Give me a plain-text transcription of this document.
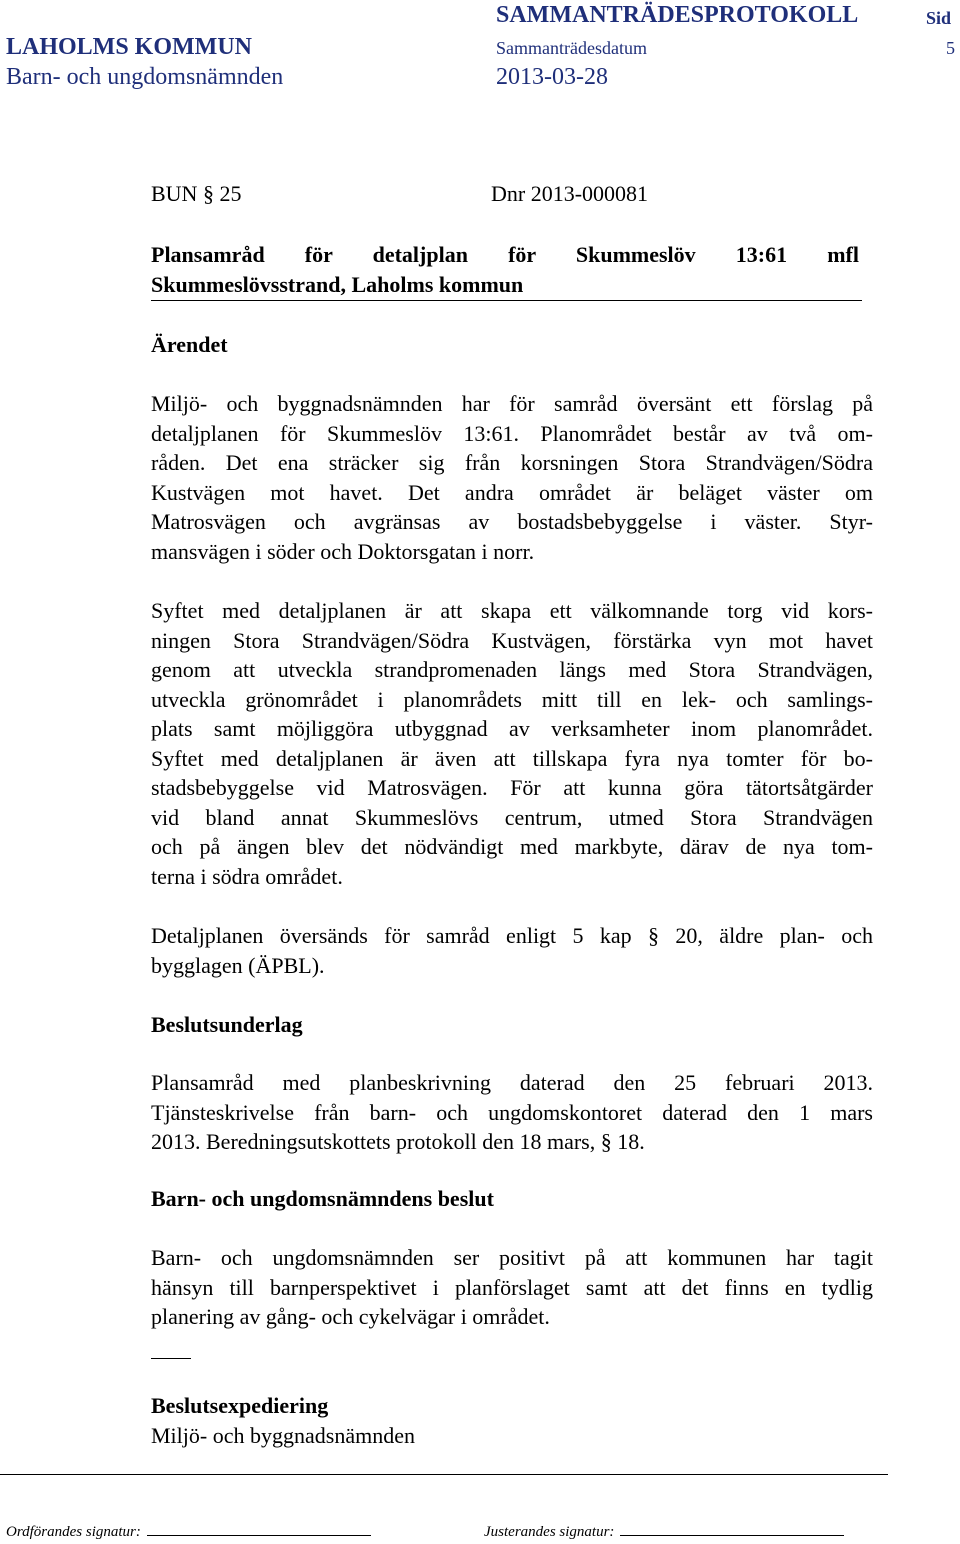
SAMMANTRÄDESPROTOKOLL	Sid
LAHOLMS KOMMUN	Sammanträdesdatum	5
Barn- och ungdomsnämnden	2013-03-28
BUN § 25	Dnr 2013-000081
Plansamråd för detaljplan för Skummeslöv 13:61 mfl
Skummeslövsstrand, Laholms kommun
Ärendet
Miljö- och byggnadsnämnden har för samråd översänt ett förslag på
detaljplanen för Skummeslöv 13:61. Planområdet består av två om-
råden. Det ena sträcker sig från korsningen Stora Strandvägen/Södra
Kustvägen mot havet. Det andra området är beläget väster om
Matrosvägen och avgränsas av bostadsbebyggelse i väster. Styr-
mansvägen i söder och Doktorsgatan i norr.
Syftet med detaljplanen är att skapa ett välkomnande torg vid kors-
ningen Stora Strandvägen/Södra Kustvägen, förstärka vyn mot havet
genom att utveckla strandpromenaden längs med Stora Strandvägen,
utveckla grönområdet i planområdets mitt till en lek- och samlings-
plats samt möjliggöra utbyggnad av verksamheter inom planområdet.
Syftet med detaljplanen är även att tillskapa fyra nya tomter för bo-
stadsbebyggelse vid Matrosvägen. För att kunna göra tätortsåtgärder
vid bland annat Skummeslövs centrum, utmed Stora Strandvägen
och på ängen blev det nödvändigt med markbyte, därav de nya tom-
terna i södra området.
Detaljplanen översänds för samråd enligt 5 kap § 20, äldre plan- och
bygglagen (ÄPBL).
Beslutsunderlag
Plansamråd med planbeskrivning daterad den 25 februari 2013.
Tjänsteskrivelse från barn- och ungdomskontoret daterad den 1 mars
2013. Beredningsutskottets protokoll den 18 mars, § 18.
Barn- och ungdomsnämndens beslut
Barn- och ungdomsnämnden ser positivt på att kommunen har tagit
hänsyn till barnperspektivet i planförslaget samt att det finns en tydlig
planering av gång- och cykelvägar i området.
Beslutsexpediering
Miljö- och byggnadsnämnden
Ordförandes signatur:	Justerandes signatur:
